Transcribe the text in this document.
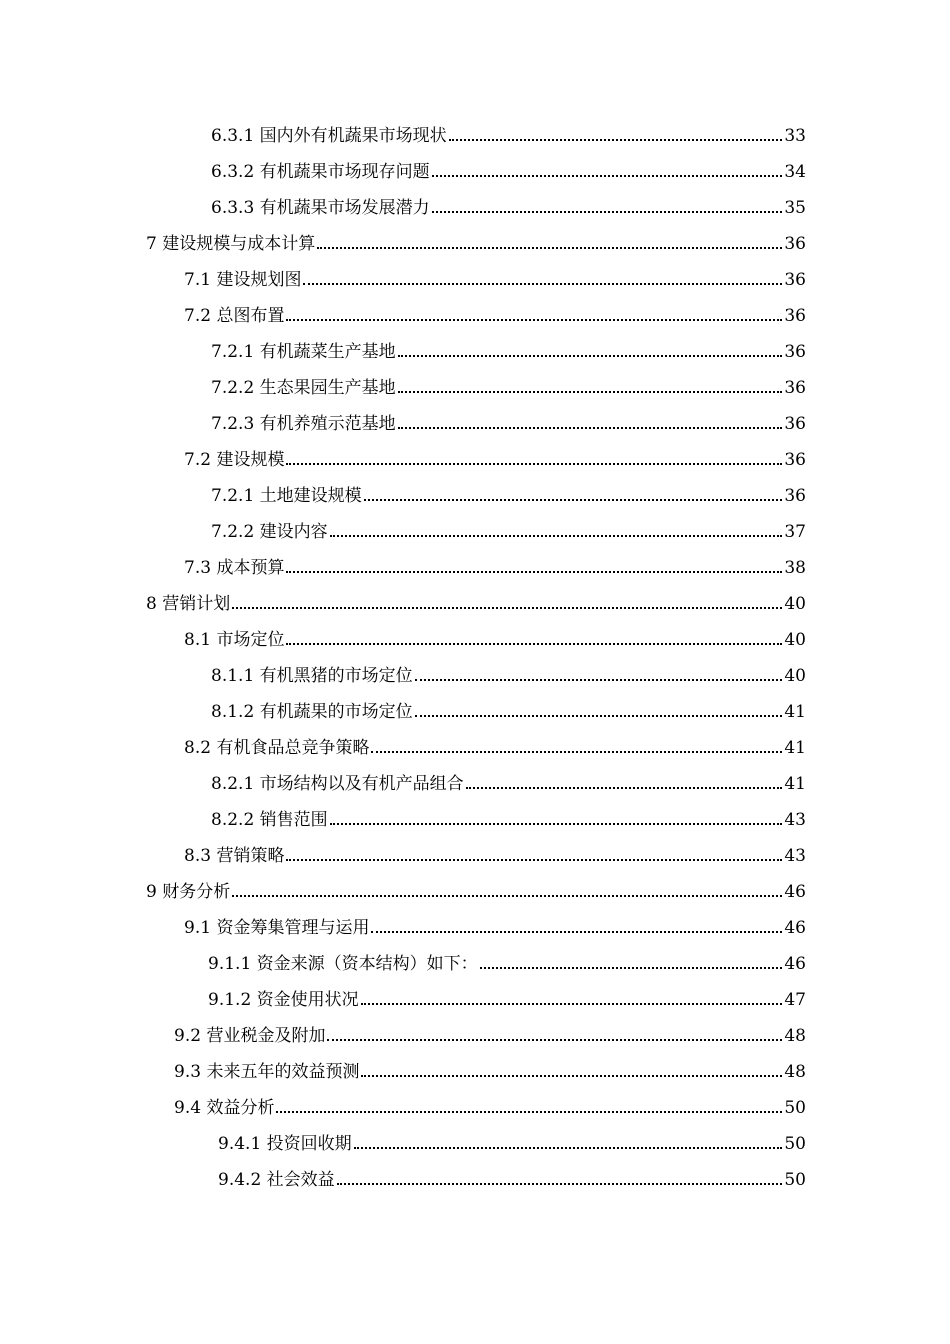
6.3.1 国内外有机蔬果市场现状	33
6.3.2 有机蔬果市场现存问题	34
6.3.3 有机蔬果市场发展潜力	35
7 建设规模与成本计算	36
7.1 建设规划图	36
7.2 总图布置	36
7.2.1 有机蔬菜生产基地	36
7.2.2 生态果园生产基地	36
7.2.3 有机养殖示范基地	36
7.2 建设规模	36
7.2.1 土地建设规模	36
7.2.2 建设内容	37
7.3 成本预算	38
8 营销计划	40
8.1 市场定位	40
8.1.1 有机黑猪的市场定位	40
8.1.2 有机蔬果的市场定位	41
8.2 有机食品总竞争策略	41
8.2.1 市场结构以及有机产品组合	41
8.2.2 销售范围	43
8.3 营销策略	43
9 财务分析	46
9.1 资金筹集管理与运用	46
9.1.1 资金来源（资本结构）如下：	46
9.1.2 资金使用状况	47
9.2 营业税金及附加	48
9.3 未来五年的效益预测	48
9.4 效益分析	50
9.4.1 投资回收期	50
9.4.2 社会效益	50
